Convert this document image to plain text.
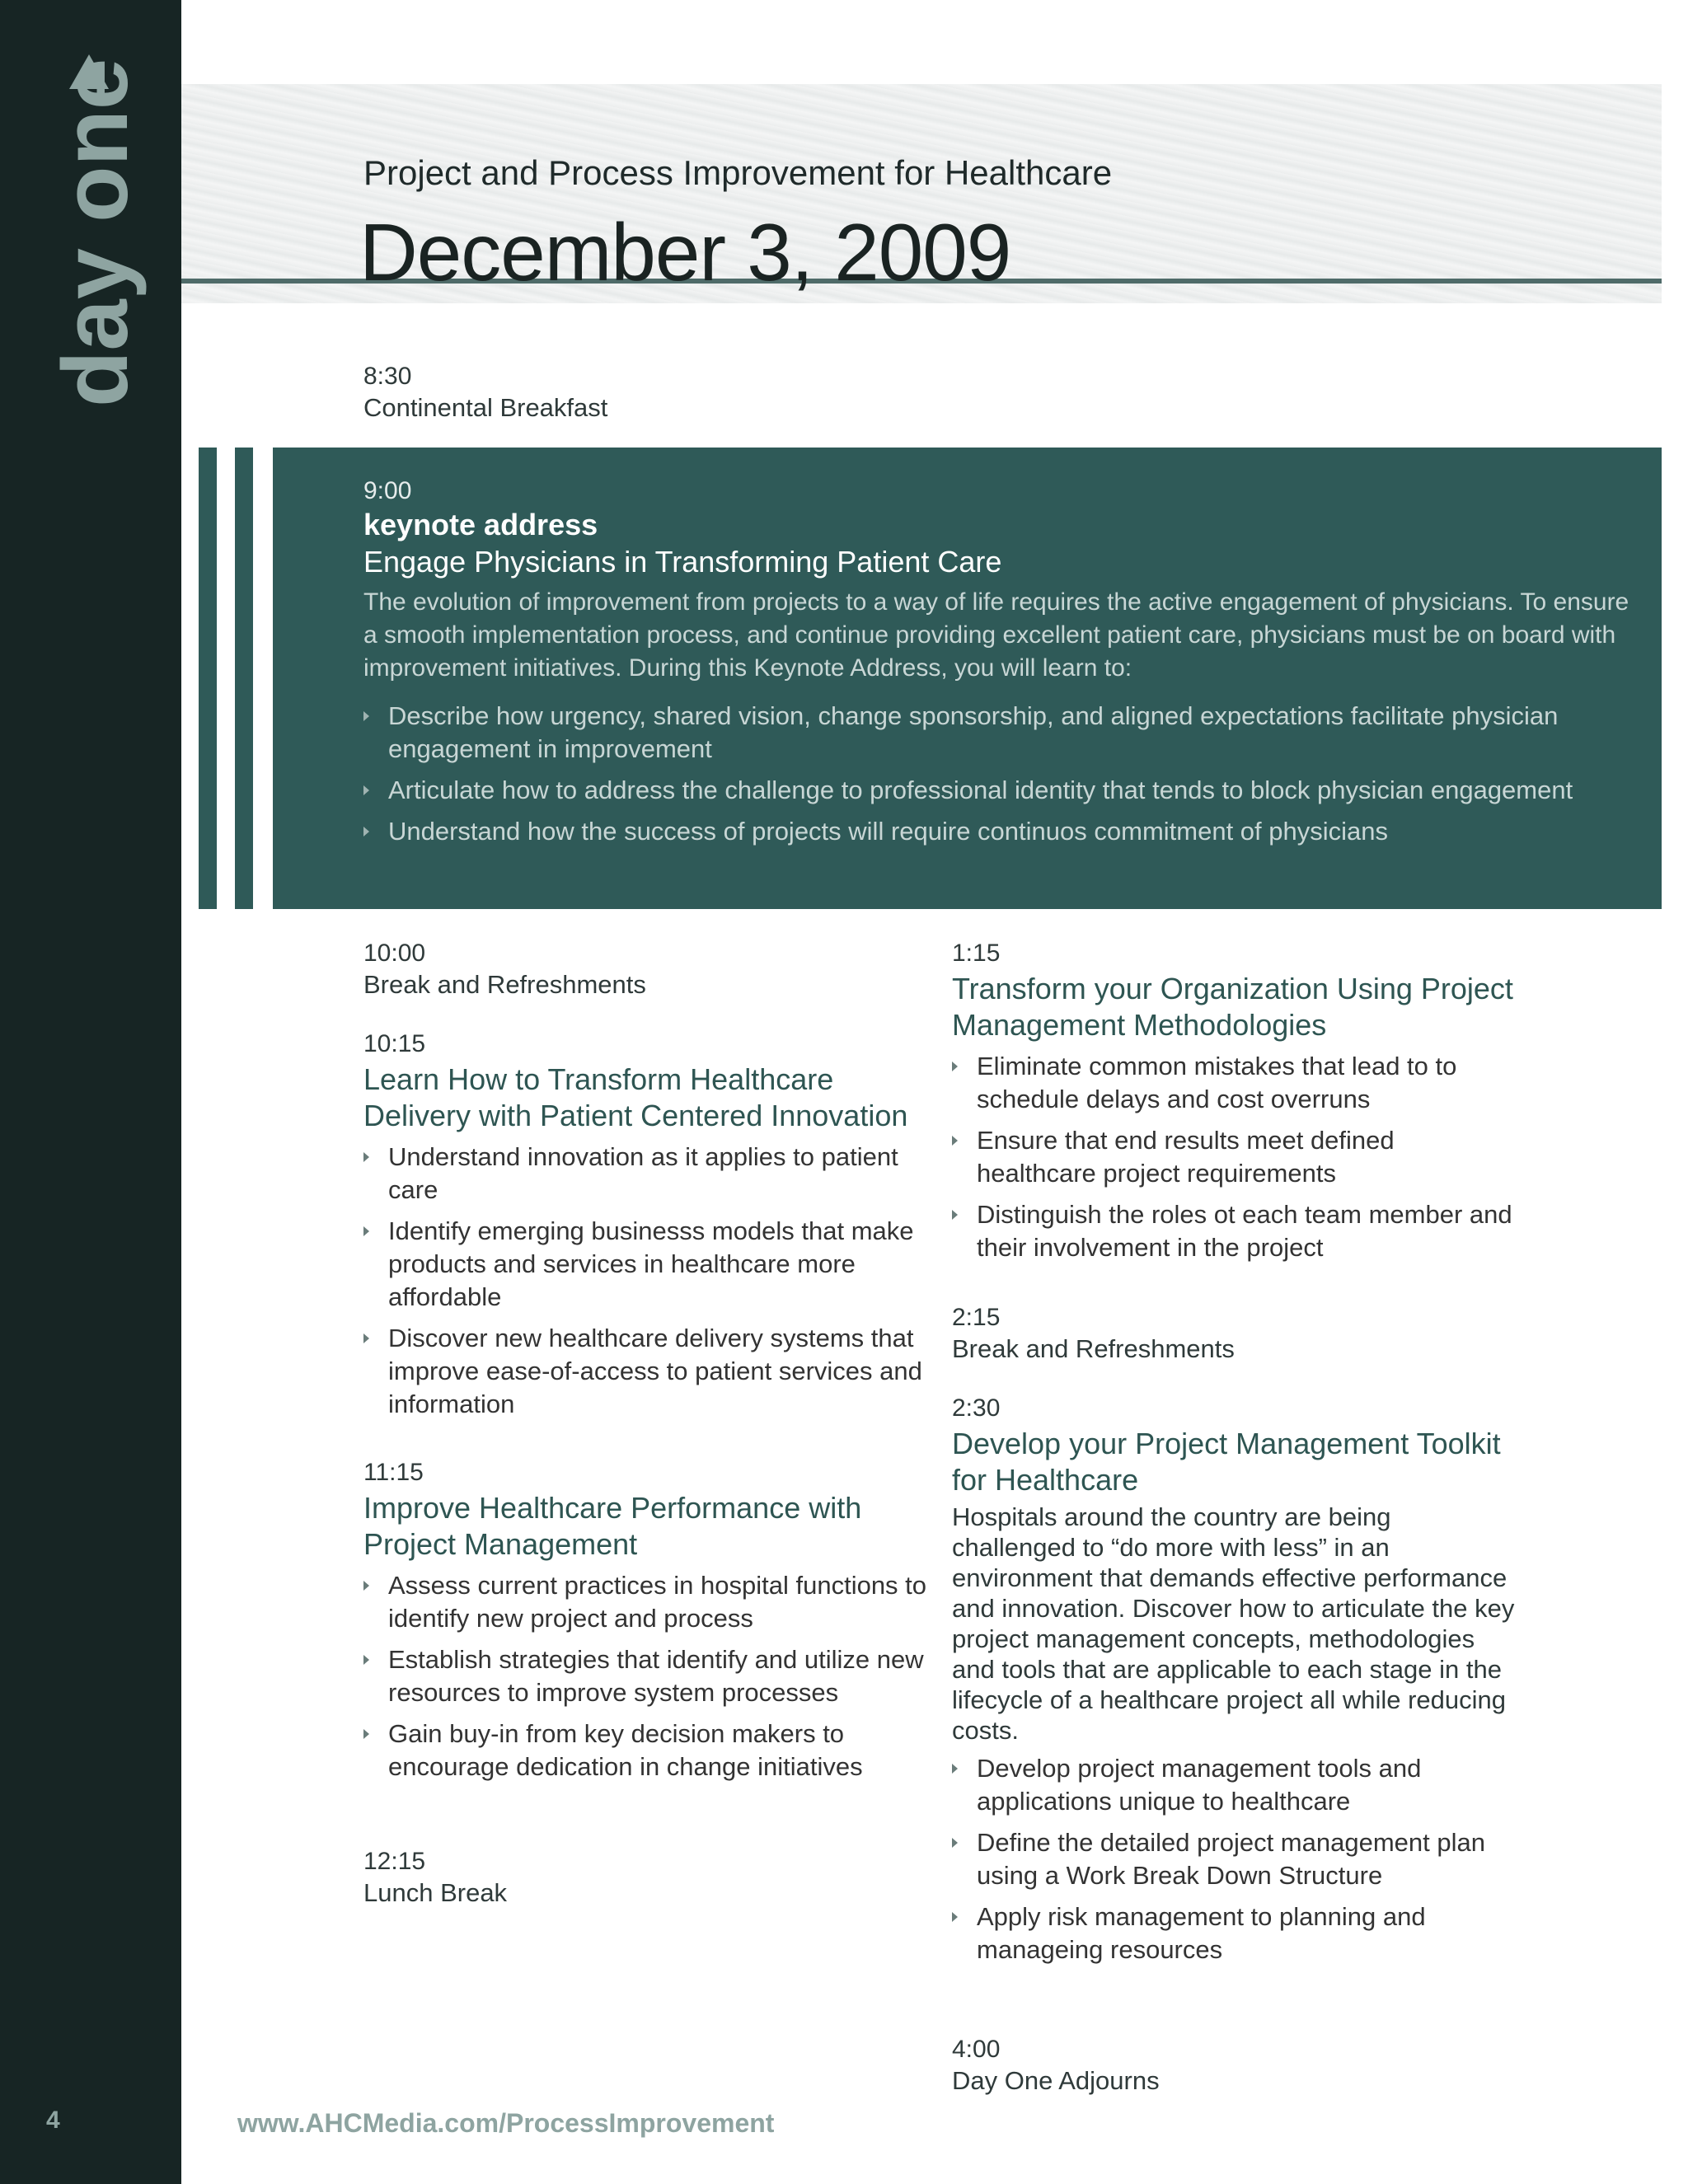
day one
4	www.AHCMedia.com/ProcessImprovement
Project and Process Improvement for Healthcare
December 3, 2009
8:30
Continental Breakfast
9:00
keynote address
Engage Physicians in Transforming Patient Care
The evolution of improvement from projects to a way of life requires the active engagement of physicians. To ensure a smooth implementation process, and continue providing excellent patient care, physicians must be on board with improvement initiatives. During this Keynote Address, you will learn to:
Describe how urgency, shared vision, change sponsorship, and aligned expectations facilitate physician engagement in improvement
Articulate how to address the challenge to professional identity that tends to block physician engagement
Understand how the success of projects will require continuos commitment of physicians
10:00
Break and Refreshments
10:15
Learn How to Transform Healthcare Delivery with Patient Centered Innovation
Understand innovation as it applies to patient care
Identify emerging businesss models that make products and services in healthcare more affordable
Discover new healthcare delivery systems that improve ease-of-access to patient services and information
11:15
Improve Healthcare Performance with Project Management
Assess current practices in hospital functions to identify new project and process
Establish strategies that identify and utilize new resources to improve system processes
Gain buy-in from key decision makers to encourage dedication in change initiatives
12:15
Lunch Break
1:15
Transform your Organization Using Project Management Methodologies
Eliminate common mistakes that lead to to schedule delays and cost overruns
Ensure that end results meet defined healthcare project requirements
Distinguish the roles ot each team member and their involvement in the project
2:15
Break and Refreshments
2:30
Develop your Project Management Toolkit for Healthcare
Hospitals around the country are being challenged to “do more with less” in an environment that demands effective performance and innovation. Discover how to articulate the key project management concepts, methodologies and tools that are applicable to each stage in the lifecycle of a healthcare project all while reducing costs.
Develop project management tools and applications unique to healthcare
Define the detailed project management plan using a Work Break Down Structure
Apply risk management to planning and manageing resources
4:00
Day One Adjourns
